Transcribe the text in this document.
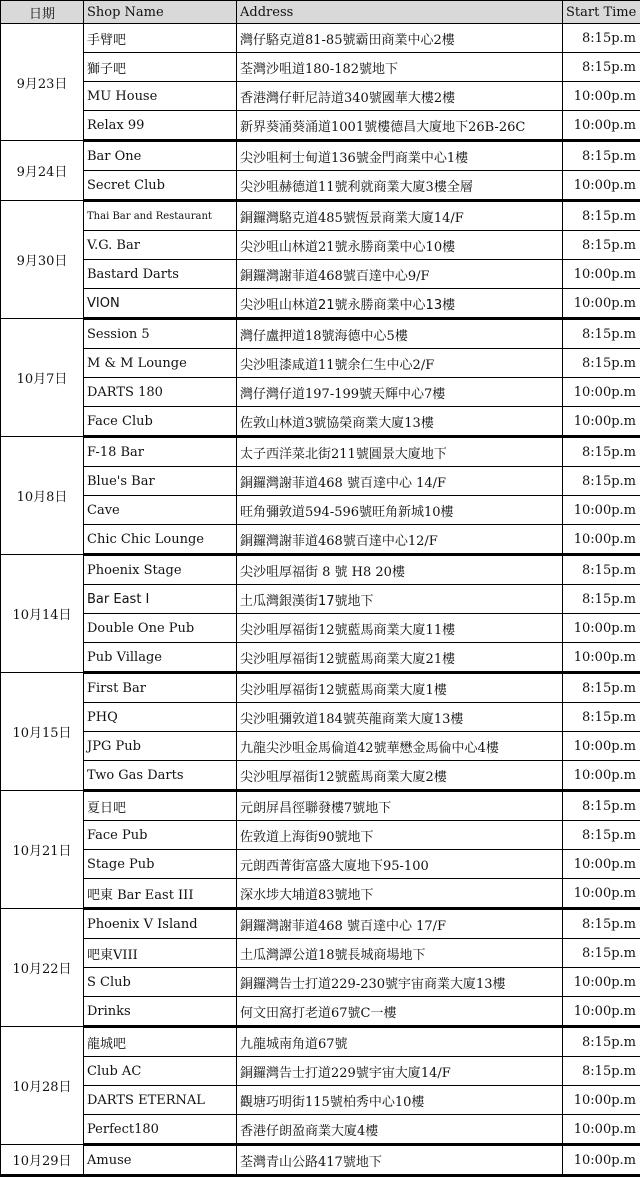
日期	Shop Name	Address	Start Time
9月23日	手臂吧	灣仔駱克道81-85號霸田商業中心2樓	8:15p.m
	獅子吧	荃灣沙咀道180-182號地下	8:15p.m
	MU House	香港灣仔軒尼詩道340號國華大樓2樓	10:00p.m
	Relax 99	新界葵涌葵涌道1001號樓德昌大廈地下26B-26C	10:00p.m
9月24日	Bar One	尖沙咀柯士甸道136號金門商業中心1樓	8:15p.m
	Secret Club	尖沙咀赫德道11號利就商業大廈3樓全層	10:00p.m
9月30日	Thai Bar and Restaurant	銅鑼灣駱克道485號恆景商業大廈14/F	8:15p.m
	V.G. Bar	尖沙咀山林道21號永勝商業中心10樓	8:15p.m
	Bastard Darts	銅鑼灣謝菲道468號百達中心9/F	10:00p.m
	VION	尖沙咀山林道21號永勝商業中心13樓	10:00p.m
10月7日	Session 5	灣仔盧押道18號海德中心5樓	8:15p.m
	M & M Lounge	尖沙咀漆咸道11號余仁生中心2/F	8:15p.m
	DARTS 180	灣仔灣仔道197-199號天輝中心7樓	10:00p.m
	Face Club	佐敦山林道3號協榮商業大廈13樓	10:00p.m
10月8日	F-18 Bar	太子西洋菜北街211號圓景大廈地下	8:15p.m
	Blue's Bar	銅鑼灣謝菲道468 號百達中心 14/F	8:15p.m
	Cave	旺角彌敦道594-596號旺角新城10樓	10:00p.m
	Chic Chic Lounge	銅鑼灣謝菲道468號百達中心12/F	10:00p.m
10月14日	Phoenix Stage	尖沙咀厚福街 8 號 H8 20樓	8:15p.m
	Bar East I	土瓜灣銀漢街17號地下	8:15p.m
	Double One Pub	尖沙咀厚福街12號藍馬商業大廈11樓	10:00p.m
	Pub Village	尖沙咀厚福街12號藍馬商業大廈21樓	10:00p.m
10月15日	First Bar	尖沙咀厚福街12號藍馬商業大廈1樓	8:15p.m
	PHQ	尖沙咀彌敦道184號英龍商業大廈13樓	8:15p.m
	JPG Pub	九龍尖沙咀金馬倫道42號華懋金馬倫中心4樓	10:00p.m
	Two Gas Darts	尖沙咀厚福街12號藍馬商業大廈2樓	10:00p.m
10月21日	夏日吧	元朗屏昌徑聯發樓7號地下	8:15p.m
	Face Pub	佐敦道上海街90號地下	8:15p.m
	Stage Pub	元朗西菁街富盛大廈地下95-100	10:00p.m
	吧東 Bar East III	深水埗大埔道83號地下	10:00p.m
10月22日	Phoenix V Island	銅鑼灣謝菲道468 號百達中心 17/F	8:15p.m
	吧東VIII	土瓜灣譚公道18號長城商場地下	8:15p.m
	S Club	銅鑼灣告士打道229-230號宇宙商業大廈13樓	10:00p.m
	Drinks	何文田窩打老道67號C一樓	10:00p.m
10月28日	龍城吧	九龍城南角道67號	8:15p.m
	Club AC	銅鑼灣告士打道229號宇宙大廈14/F	8:15p.m
	DARTS ETERNAL	觀塘巧明街115號柏秀中心10樓	10:00p.m
	Perfect180	香港仔朗盈商業大廈4樓	10:00p.m
10月29日	Amuse	荃灣青山公路417號地下	10:00p.m
